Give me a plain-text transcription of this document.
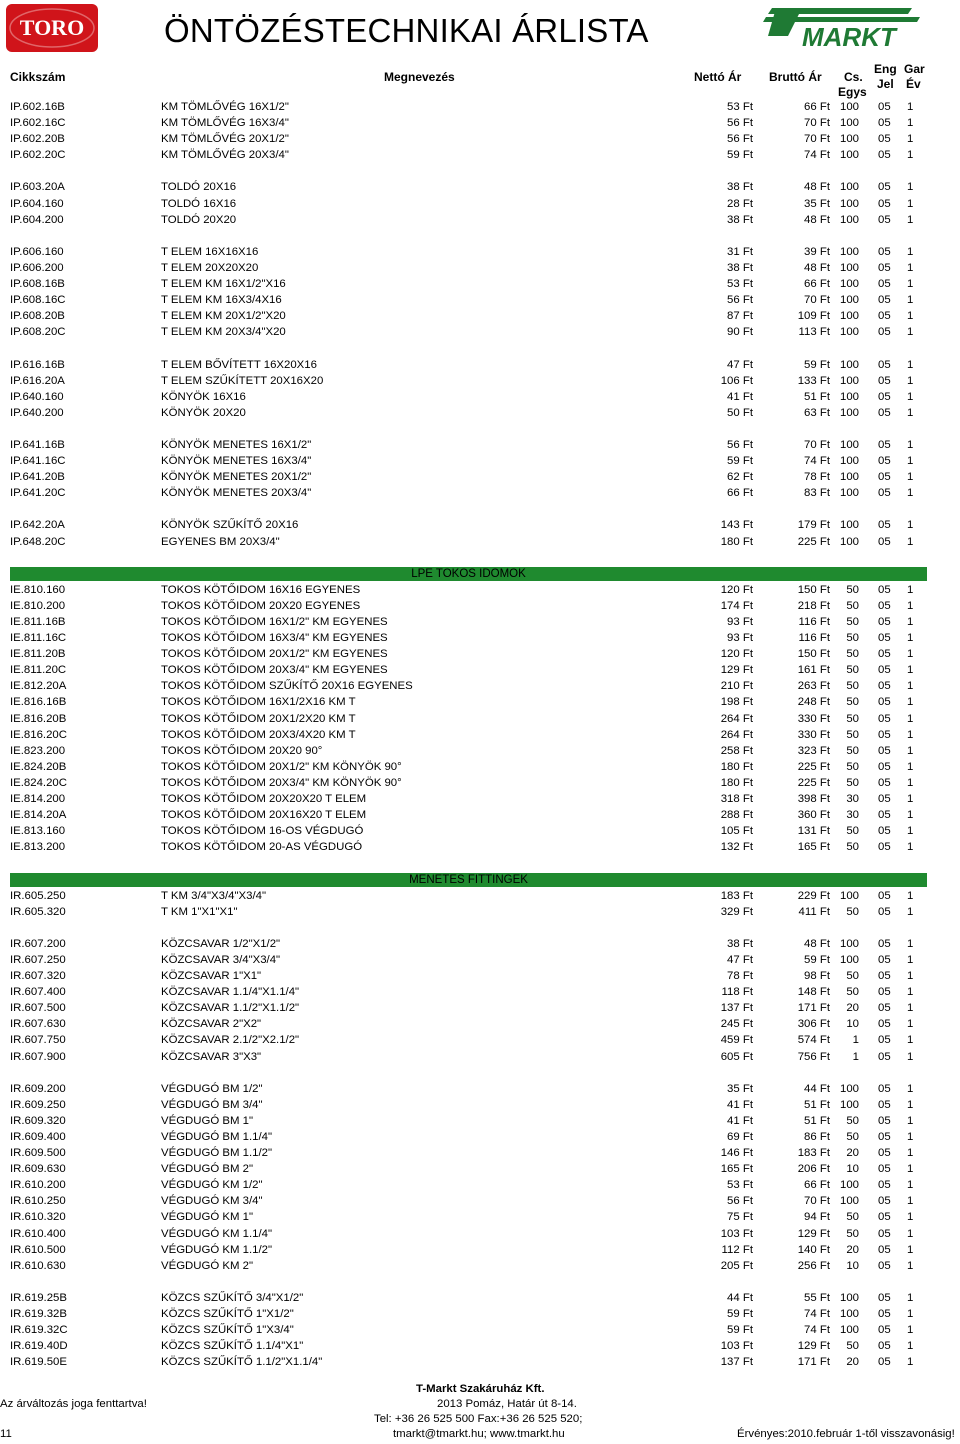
TORO ÖNTÖZÉSTECHNIKAI ÁRLISTA	MARKT
Cikkszám	Megnevezés	Nettó Ár Bruttó Ár Cs.
Egys
Eng
Jel
Gar
Év
IP.602.16B	KM TÖMLŐVÉG 16X1/2"	53 Ft	66 Ft 100 05 1
IP.602.16C	KM TÖMLŐVÉG 16X3/4"	56 Ft	70 Ft 100 05 1
IP.602.20B	KM TÖMLŐVÉG 20X1/2"	56 Ft	70 Ft 100 05 1
IP.602.20C	KM TÖMLŐVÉG 20X3/4"	59 Ft	74 Ft 100 05 1
IP.603.20A	TOLDÓ 20X16	38 Ft	48 Ft 100 05 1
IP.604.160	TOLDÓ 16X16	28 Ft	35 Ft 100 05 1
IP.604.200	TOLDÓ 20X20	38 Ft	48 Ft 100 05 1
IP.606.160	T ELEM 16X16X16	31 Ft	39 Ft 100 05 1
IP.606.200	T ELEM 20X20X20	38 Ft	48 Ft 100 05 1
IP.608.16B	T ELEM KM 16X1/2"X16	53 Ft	66 Ft 100 05 1
IP.608.16C	T ELEM KM 16X3/4X16	56 Ft	70 Ft 100 05 1
IP.608.20B	T ELEM KM 20X1/2"X20	87 Ft	109 Ft 100 05 1
IP.608.20C	T ELEM KM 20X3/4"X20	90 Ft	113 Ft 100 05 1
IP.616.16B	T ELEM BŐVÍTETT 16X20X16	47 Ft	59 Ft 100 05 1
IP.616.20A	T ELEM SZŰKÍTETT 20X16X20	106 Ft	133 Ft 100 05 1
IP.640.160	KÖNYÖK 16X16	41 Ft	51 Ft 100 05 1
IP.640.200	KÖNYÖK 20X20	50 Ft	63 Ft 100 05 1
IP.641.16B	KÖNYÖK MENETES 16X1/2"	56 Ft	70 Ft 100 05 1
IP.641.16C	KÖNYÖK MENETES 16X3/4"	59 Ft	74 Ft 100 05 1
IP.641.20B	KÖNYÖK MENETES 20X1/2"	62 Ft	78 Ft 100 05 1
IP.641.20C	KÖNYÖK MENETES 20X3/4"	66 Ft	83 Ft 100 05 1
IP.642.20A	KÖNYÖK SZŰKÍTŐ 20X16	143 Ft	179 Ft 100 05 1
IP.648.20C	EGYENES BM 20X3/4"	180 Ft	225 Ft 100 05 1
LPE TOKOS IDOMOK
IE.810.160	TOKOS KÖTŐIDOM 16X16 EGYENES	120 Ft	150 Ft 50 05 1
IE.810.200	TOKOS KÖTŐIDOM 20X20 EGYENES	174 Ft	218 Ft 50 05 1
IE.811.16B	TOKOS KÖTŐIDOM 16X1/2" KM EGYENES	93 Ft	116 Ft 50 05 1
IE.811.16C	TOKOS KÖTŐIDOM 16X3/4" KM EGYENES	93 Ft	116 Ft 50 05 1
IE.811.20B	TOKOS KÖTŐIDOM 20X1/2" KM EGYENES	120 Ft	150 Ft 50 05 1
IE.811.20C	TOKOS KÖTŐIDOM 20X3/4" KM EGYENES	129 Ft	161 Ft 50 05 1
IE.812.20A	TOKOS KÖTŐIDOM SZŰKÍTŐ 20X16 EGYENES	210 Ft	263 Ft 50 05 1
IE.816.16B	TOKOS KÖTŐIDOM 16X1/2X16 KM T	198 Ft	248 Ft 50 05 1
IE.816.20B	TOKOS KÖTŐIDOM 20X1/2X20 KM T	264 Ft	330 Ft 50 05 1
IE.816.20C	TOKOS KÖTŐIDOM 20X3/4X20 KM T	264 Ft	330 Ft 50 05 1
IE.823.200	TOKOS KÖTŐIDOM 20X20 90°	258 Ft	323 Ft 50 05 1
IE.824.20B	TOKOS KÖTŐIDOM 20X1/2" KM KÖNYÖK 90°	180 Ft	225 Ft 50 05 1
IE.824.20C	TOKOS KÖTŐIDOM 20X3/4" KM KÖNYÖK 90°	180 Ft	225 Ft 50 05 1
IE.814.200	TOKOS KÖTŐIDOM 20X20X20 T ELEM	318 Ft	398 Ft 30 05 1
IE.814.20A	TOKOS KÖTŐIDOM 20X16X20 T ELEM	288 Ft	360 Ft 30 05 1
IE.813.160	TOKOS KÖTŐIDOM 16-OS VÉGDUGÓ	105 Ft	131 Ft 50 05 1
IE.813.200	TOKOS KÖTŐIDOM 20-AS VÉGDUGÓ	132 Ft	165 Ft 50 05 1
MENETES FITTINGEK
IR.605.250	T KM 3/4"X3/4"X3/4"	183 Ft	229 Ft 100 05 1
IR.605.320	T KM 1"X1"X1"	329 Ft	411 Ft 50 05 1
IR.607.200	KÖZCSAVAR 1/2"X1/2"	38 Ft	48 Ft 100 05 1
IR.607.250	KÖZCSAVAR 3/4"X3/4"	47 Ft	59 Ft 100 05 1
IR.607.320	KÖZCSAVAR 1"X1"	78 Ft	98 Ft 50 05 1
IR.607.400	KÖZCSAVAR 1.1/4"X1.1/4"	118 Ft	148 Ft 50 05 1
IR.607.500	KÖZCSAVAR 1.1/2"X1.1/2"	137 Ft	171 Ft 20 05 1
IR.607.630	KÖZCSAVAR 2"X2"	245 Ft	306 Ft 10 05 1
IR.607.750	KÖZCSAVAR 2.1/2"X2.1/2"	459 Ft	574 Ft 1 05 1
IR.607.900	KÖZCSAVAR 3"X3"	605 Ft	756 Ft 1 05 1
IR.609.200	VÉGDUGÓ BM 1/2"	35 Ft	44 Ft 100 05 1
IR.609.250	VÉGDUGÓ BM 3/4"	41 Ft	51 Ft 100 05 1
IR.609.320	VÉGDUGÓ BM 1"	41 Ft	51 Ft 50 05 1
IR.609.400	VÉGDUGÓ BM 1.1/4"	69 Ft	86 Ft 50 05 1
IR.609.500	VÉGDUGÓ BM 1.1/2"	146 Ft	183 Ft 20 05 1
IR.609.630	VÉGDUGÓ BM 2"	165 Ft	206 Ft 10 05 1
IR.610.200	VÉGDUGÓ KM 1/2"	53 Ft	66 Ft 100 05 1
IR.610.250	VÉGDUGÓ KM 3/4"	56 Ft	70 Ft 100 05 1
IR.610.320	VÉGDUGÓ KM 1"	75 Ft	94 Ft 50 05 1
IR.610.400	VÉGDUGÓ KM 1.1/4"	103 Ft	129 Ft 50 05 1
IR.610.500	VÉGDUGÓ KM 1.1/2"	112 Ft	140 Ft 20 05 1
IR.610.630	VÉGDUGÓ KM 2"	205 Ft	256 Ft 10 05 1
IR.619.25B	KÖZCS SZŰKÍTŐ 3/4"X1/2"	44 Ft	55 Ft 100 05 1
IR.619.32B	KÖZCS SZŰKÍTŐ 1"X1/2"	59 Ft	74 Ft 100 05 1
IR.619.32C	KÖZCS SZŰKÍTŐ 1"X3/4"	59 Ft	74 Ft 100 05 1
IR.619.40D	KÖZCS SZŰKÍTŐ 1.1/4"X1"	103 Ft	129 Ft 50 05 1
IR.619.50E	KÖZCS SZŰKÍTŐ 1.1/2"X1.1/4"	137 Ft	171 Ft 20 05 1
Az árváltozás joga fenttartva!
11
T-Markt Szakáruház Kft.
2013 Pomáz, Határ út 8-14.
Tel: +36 26 525 500 Fax:+36 26 525 520;
tmarkt@tmarkt.hu; www.tmarkt.hu	Érvényes:2010.február 1-től visszavonásig!
